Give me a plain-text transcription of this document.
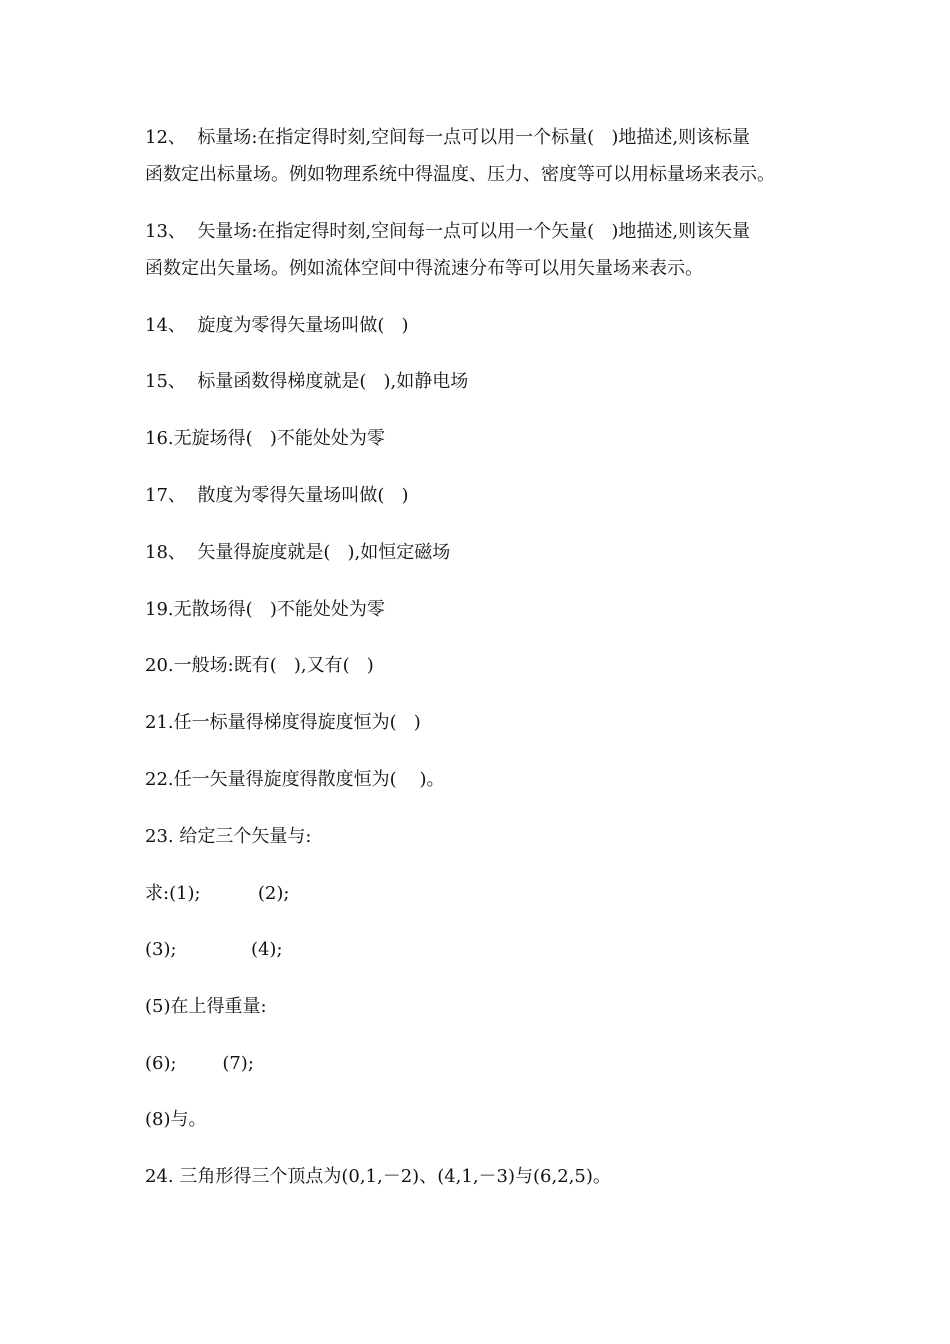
12、  标量场:在指定得时刻,空间每一点可以用一个标量(   )地描述,则该标量
函数定出标量场。例如物理系统中得温度、压力、密度等可以用标量场来表示。
13、  矢量场:在指定得时刻,空间每一点可以用一个矢量(   )地描述,则该矢量
函数定出矢量场。例如流体空间中得流速分布等可以用矢量场来表示。
14、  旋度为零得矢量场叫做(   )
15、  标量函数得梯度就是(   ),如静电场
16.无旋场得(   )不能处处为零
17、  散度为零得矢量场叫做(   )
18、  矢量得旋度就是(   ),如恒定磁场
19.无散场得(   )不能处处为零
20.一般场:既有(   ),又有(   )
21.任一标量得梯度得旋度恒为(   )
22.任一矢量得旋度得散度恒为(    )。
23. 给定三个矢量与:
求:(1);          (2);
(3);             (4);
(5)在上得重量:
(6);        (7);
(8)与。
24. 三角形得三个顶点为(0,1,－2)、(4,1,－3)与(6,2,5)。
